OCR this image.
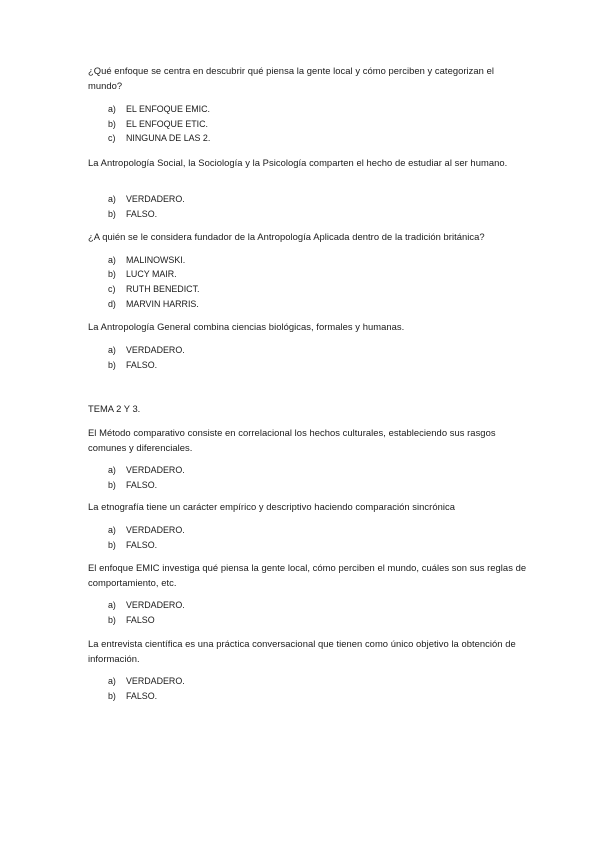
¿Qué enfoque se centra en descubrir qué piensa la gente local y cómo perciben y categorizan el mundo?

a) EL ENFOQUE EMIC.
b) EL ENFOQUE ETIC.
c) NINGUNA DE LAS 2.

La Antropología Social, la Sociología y la Psicología comparten el hecho de estudiar al ser humano.

a) VERDADERO.
b) FALSO.

¿A quién se le considera fundador de la Antropología Aplicada dentro de la tradición británica?

a) MALINOWSKI.
b) LUCY MAIR.
c) RUTH BENEDICT.
d) MARVIN HARRIS.

La Antropología General combina ciencias biológicas, formales y humanas.

a) VERDADERO.
b) FALSO.
TEMA 2 Y 3.

El Método comparativo consiste en correlacional los hechos culturales, estableciendo sus rasgos comunes y diferenciales.

a) VERDADERO.
b) FALSO.

La etnografía tiene un carácter empírico y descriptivo haciendo comparación sincrónica

a) VERDADERO.
b) FALSO.

El enfoque EMIC investiga qué piensa la gente local, cómo perciben el mundo, cuáles son sus reglas de comportamiento, etc.

a) VERDADERO.
b) FALSO

La entrevista científica es una práctica conversacional que tienen como único objetivo la obtención de información.

a) VERDADERO.
b) FALSO.
